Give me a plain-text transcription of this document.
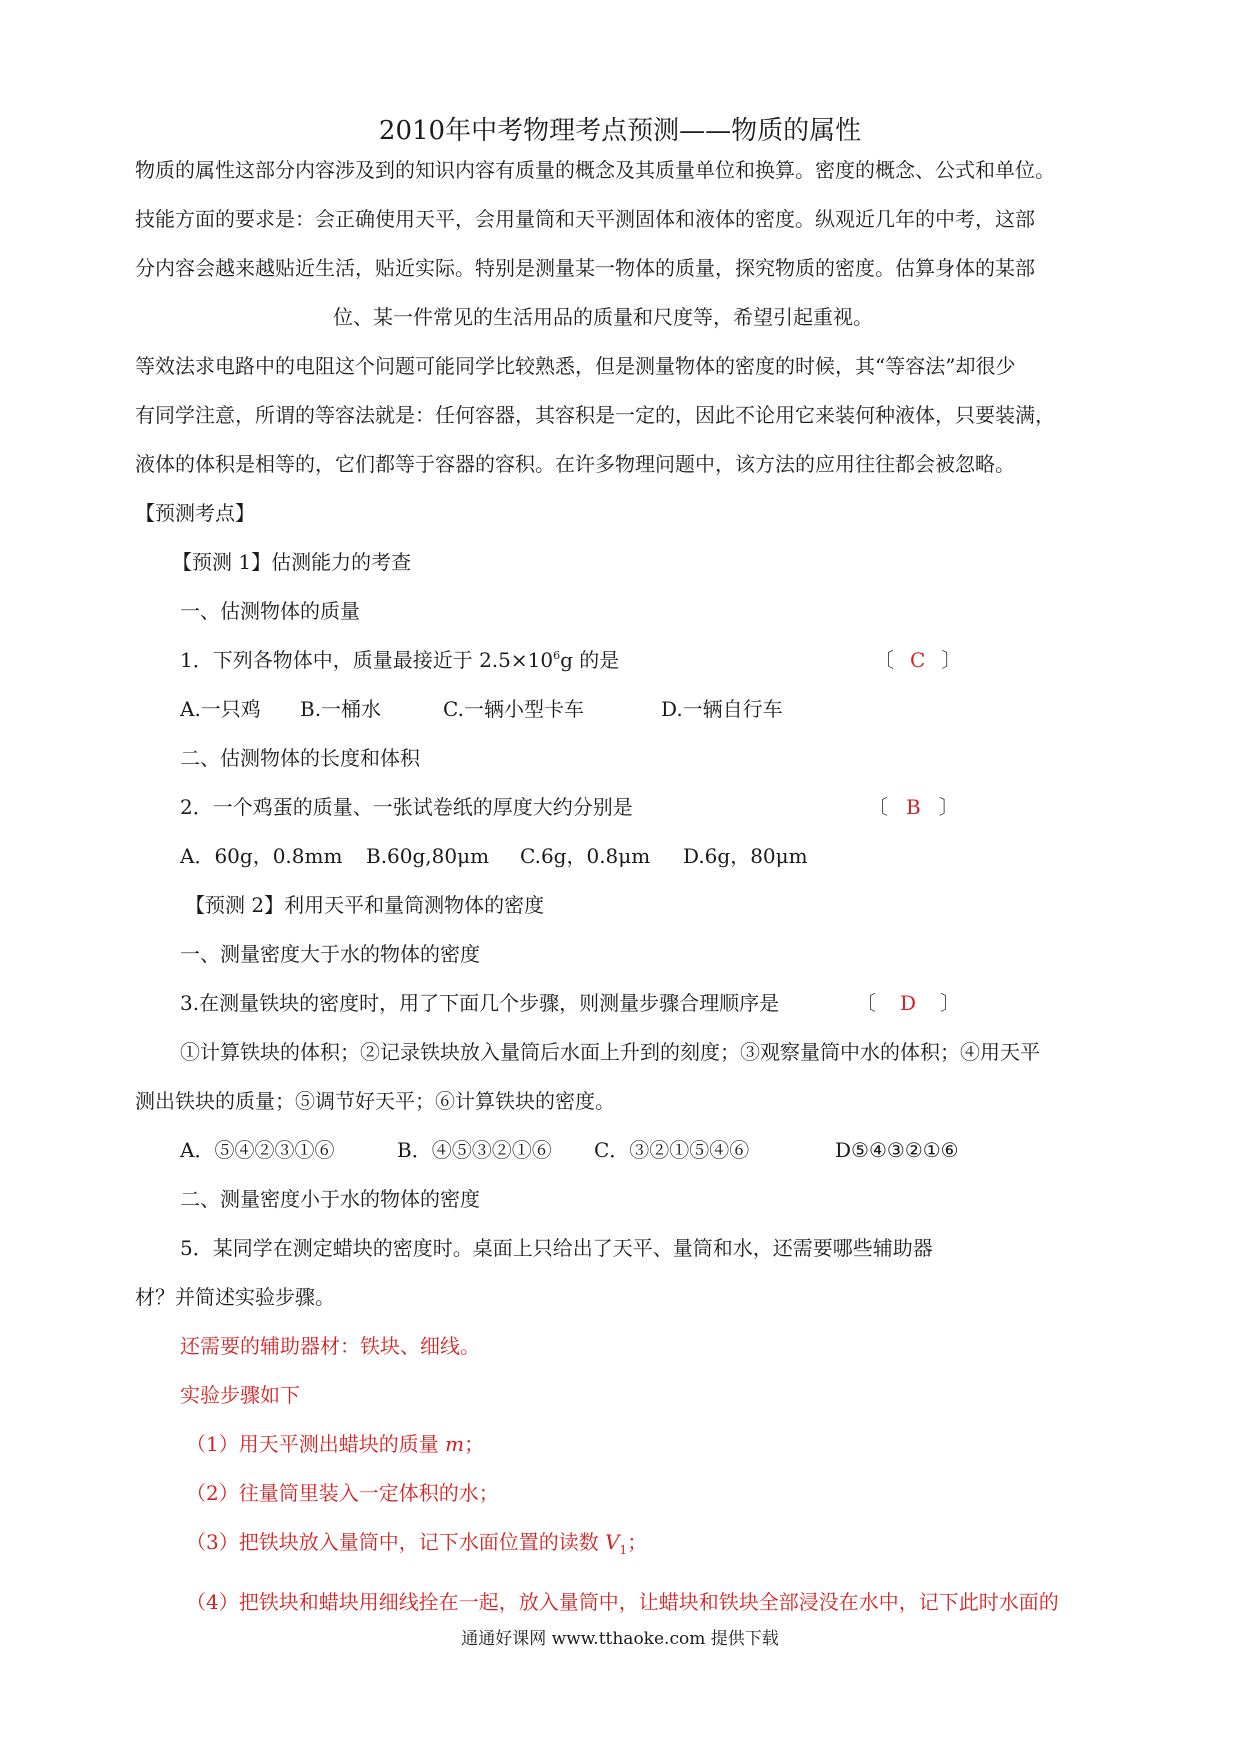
2010年中考物理考点预测——物质的属性
物质的属性这部分内容涉及到的知识内容有质量的概念及其质量单位和换算。密度的概念、公式和单位。
技能方面的要求是：会正确使用天平，会用量筒和天平测固体和液体的密度。纵观近几年的中考，这部
分内容会越来越贴近生活，贴近实际。特别是测量某一物体的质量，探究物质的密度。估算身体的某部
位、某一件常见的生活用品的质量和尺度等，希望引起重视。
等效法求电路中的电阻这个问题可能同学比较熟悉，但是测量物体的密度的时候，其“等容法”却很少
有同学注意，所谓的等容法就是：任何容器，其容积是一定的，因此不论用它来装何种液体，只要装满，
液体的体积是相等的，它们都等于容器的容积。在许多物理问题中，该方法的应用往往都会被忽略。
【预测考点】
【预测 1】估测能力的考查
一、估测物体的质量
1．下列各物体中，质量最接近于 $2.5\times 10^6g$ 的是	〔 C 〕
A.一只鸡 B.一桶水	C.一辆小型卡车	D.一辆自行车
二、估测物体的长度和体积
2．一个鸡蛋的质量、一张试卷纸的厚度大约分别是	〔 B 〕
A．60g，0.8mm B.60g,80μm C.6g，0.8μm D.6g，80μm
【预测 2】利用天平和量筒测物体的密度
一、测量密度大于水的物体的密度
3.在测量铁块的密度时，用了下面几个步骤，则测量步骤合理顺序是	〔 D 〕
①计算铁块的体积；②记录铁块放入量筒后水面上升到的刻度；③观察量筒中水的体积；④用天平
测出铁块的质量；⑤调节好天平；⑥计算铁块的密度。
A．⑤④②③①⑥	B．④⑤③②①⑥ C．③②①⑤④⑥	D⑤④③②①⑥
二、测量密度小于水的物体的密度
5．某同学在测定蜡块的密度时。桌面上只给出了天平、量筒和水，还需要哪些辅助器
材？并简述实验步骤。
还需要的辅助器材：铁块、细线。
实验步骤如下
（1）用天平测出蜡块的质量 m；
（2）往量筒里装入一定体积的水；
（3）把铁块放入量筒中，记下水面位置的读数 $V_1$；
（4）把铁块和蜡块用细线拴在一起，放入量筒中，让蜡块和铁块全部浸没在水中，记下此时水面的
通通好课网 www.tthaoke.com 提供下载
